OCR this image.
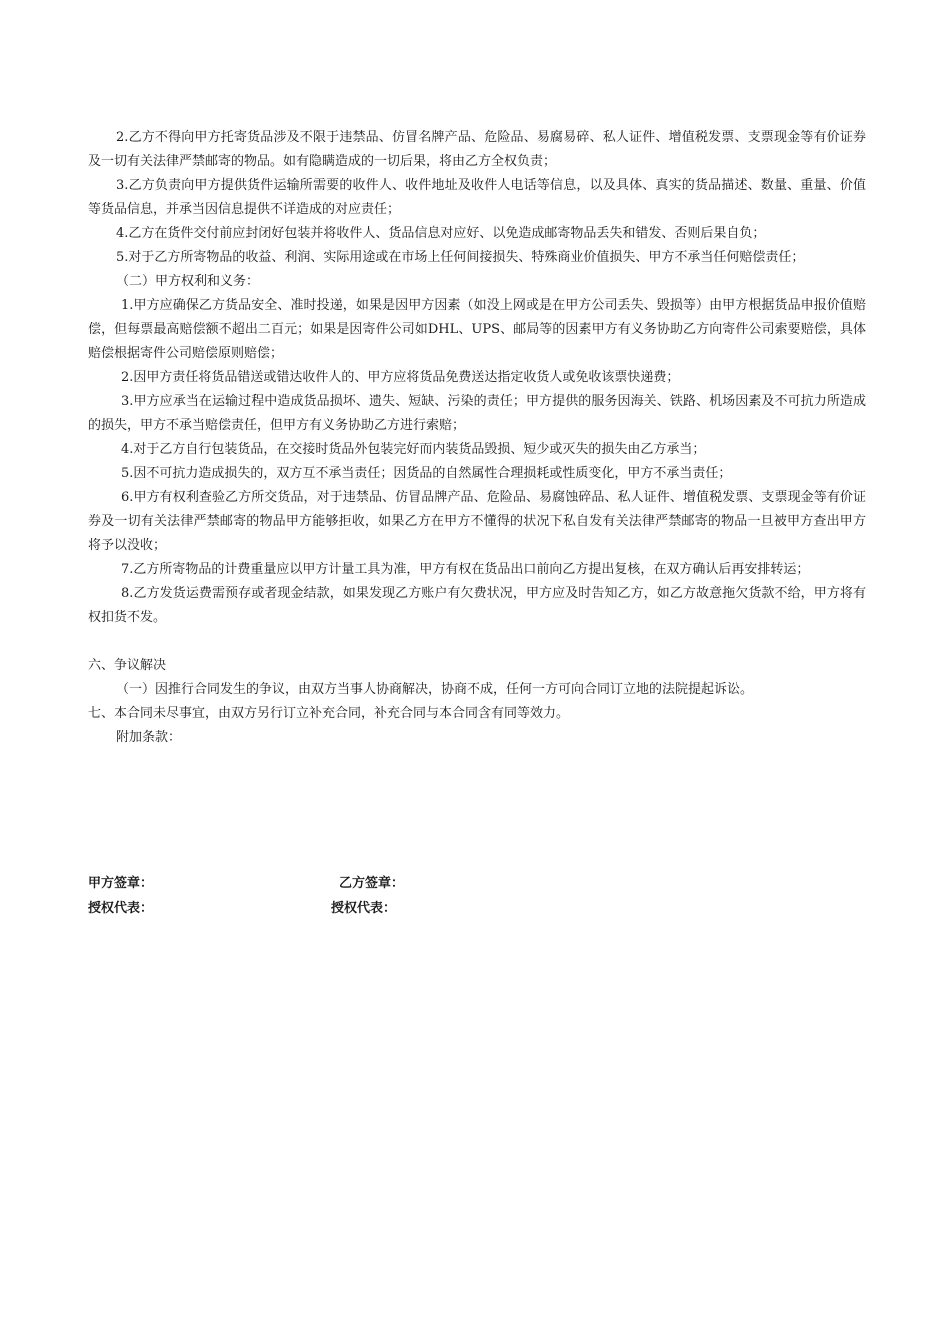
2.乙方不得向甲方托寄货品涉及不限于违禁品、仿冒名牌产品、危险品、易腐易碎、私人证件、增值税发票、支票现金等有价证券及一切有关法律严禁邮寄的物品。如有隐瞒造成的一切后果，将由乙方全权负责；

3.乙方负责向甲方提供货件运输所需要的收件人、收件地址及收件人电话等信息，以及具体、真实的货品描述、数量、重量、价值等货品信息，并承当因信息提供不详造成的对应责任；

4.乙方在货件交付前应封闭好包装并将收件人、货品信息对应好、以免造成邮寄物品丢失和错发、否则后果自负；

5.对于乙方所寄物品的收益、利润、实际用途或在市场上任何间接损失、特殊商业价值损失、甲方不承当任何赔偿责任；

（二）甲方权利和义务：

1.甲方应确保乙方货品安全、准时投递，如果是因甲方因素（如没上网或是在甲方公司丢失、毁损等）由甲方根据货品申报价值赔偿，但每票最高赔偿额不超出二百元；如果是因寄件公司如DHL、UPS、邮局等的因素甲方有义务协助乙方向寄件公司索要赔偿，具体赔偿根据寄件公司赔偿原则赔偿；

2.因甲方责任将货品错送或错达收件人的、甲方应将货品免费送达指定收货人或免收该票快递费；

3.甲方应承当在运输过程中造成货品损坏、遗失、短缺、污染的责任；甲方提供的服务因海关、铁路、机场因素及不可抗力所造成的损失，甲方不承当赔偿责任，但甲方有义务协助乙方进行索赔；

4.对于乙方自行包装货品，在交接时货品外包装完好而内装货品毁损、短少或灭失的损失由乙方承当；

5.因不可抗力造成损失的，双方互不承当责任；因货品的自然属性合理损耗或性质变化，甲方不承当责任；

6.甲方有权利查验乙方所交货品，对于违禁品、仿冒品牌产品、危险品、易腐蚀碎品、私人证件、增值税发票、支票现金等有价证券及一切有关法律严禁邮寄的物品甲方能够拒收，如果乙方在甲方不懂得的状况下私自发有关法律严禁邮寄的物品一旦被甲方查出甲方将予以没收；

7.乙方所寄物品的计费重量应以甲方计量工具为准，甲方有权在货品出口前向乙方提出复核，在双方确认后再安排转运；

8.乙方发货运费需预存或者现金结款，如果发现乙方账户有欠费状况，甲方应及时告知乙方，如乙方故意拖欠货款不给，甲方将有权扣货不发。

六、争议解决

（一）因推行合同发生的争议，由双方当事人协商解决，协商不成，任何一方可向合同订立地的法院提起诉讼。

七、本合同未尽事宜，由双方另行订立补充合同，补充合同与本合同含有同等效力。

附加条款：

甲方签章：	乙方签章：
授权代表：	授权代表：
